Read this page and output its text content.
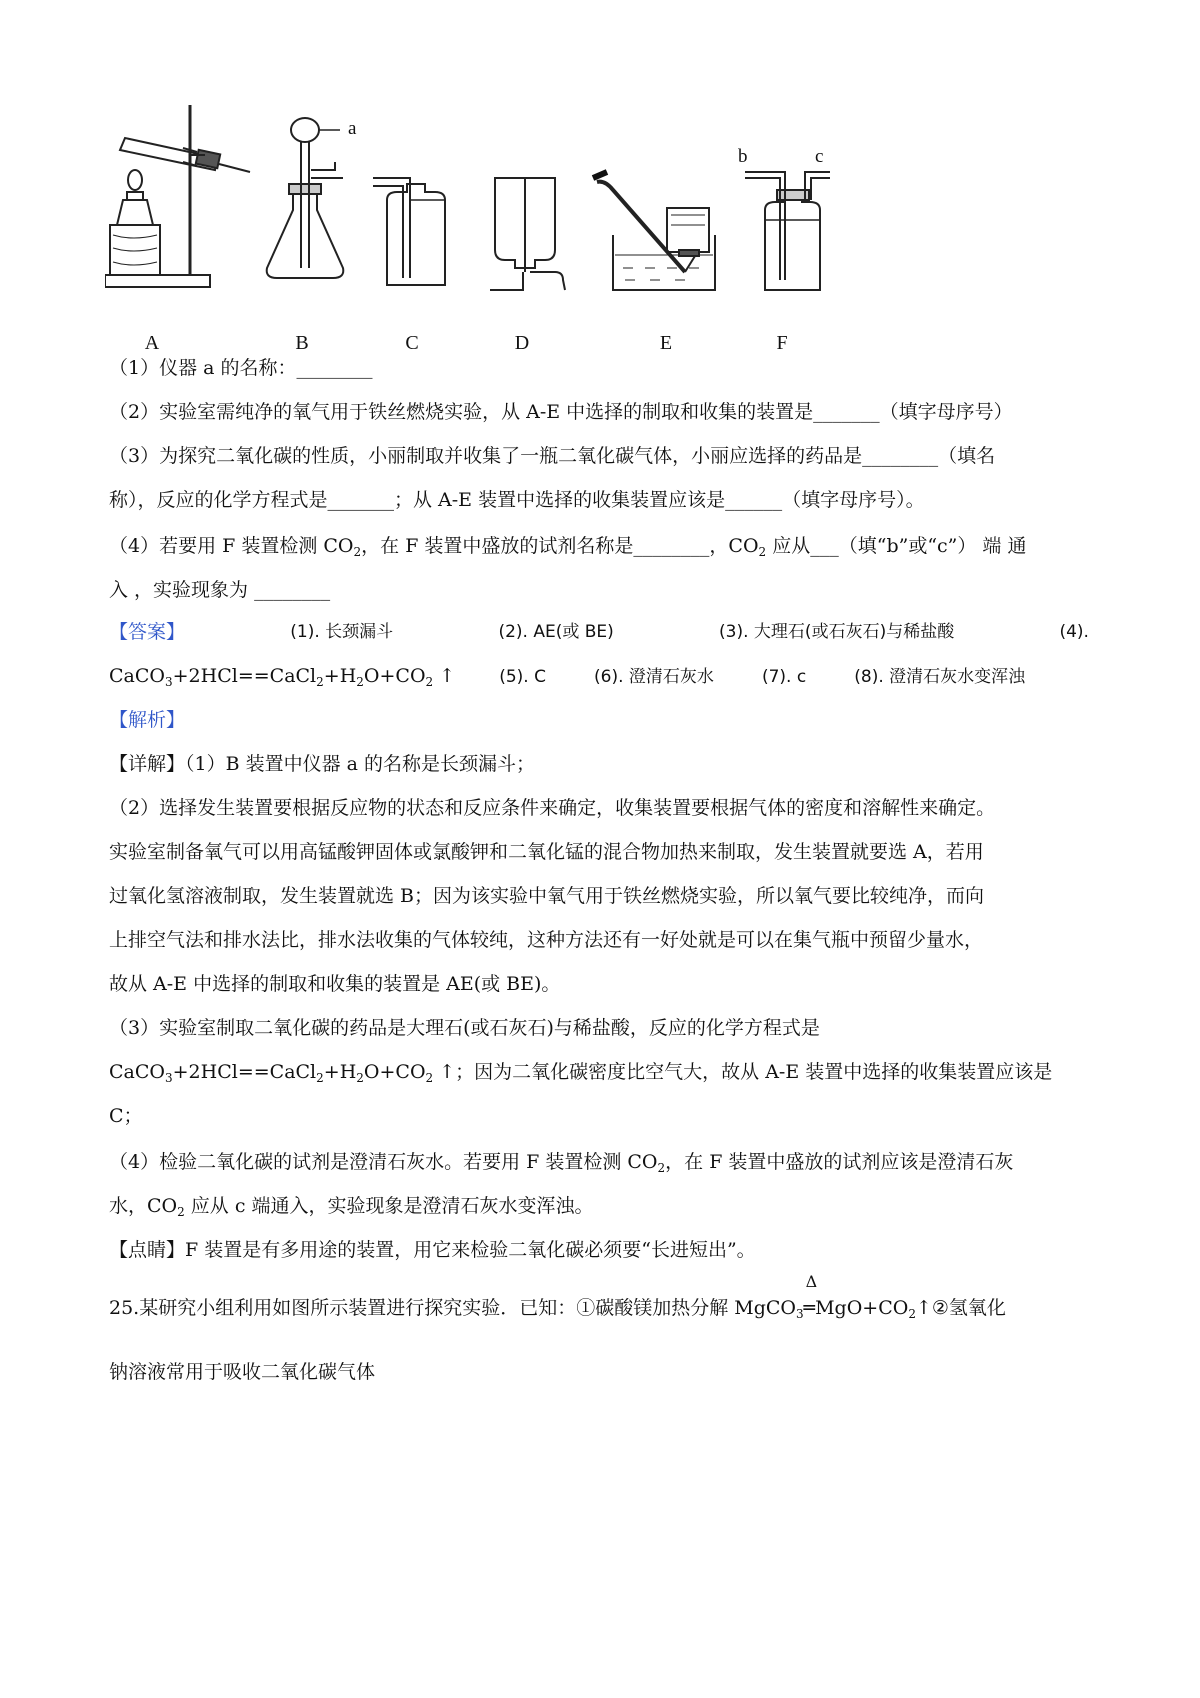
a
b	c
A	B	C	D	E	F
（1）仪器 a 的名称：________
（2）实验室需纯净的氧气用于铁丝燃烧实验，从 A-E 中选择的制取和收集的装置是_______（填字母序号）
（3）为探究二氧化碳的性质，小丽制取并收集了一瓶二氧化碳气体，小丽应选择的药品是________（填名
称），反应的化学方程式是_______；从 A-E 装置中选择的收集装置应该是______（填字母序号）。
（4）若要用 F 装置检测 $CO_2$，在 F 装置中盛放的试剂名称是________，$CO_2$ 应从___（填“b”或“c”） 端 通
入 ，实验现象为 ________
【答案】	(1). 长颈漏斗	(2). AE(或 BE)	(3). 大理石(或石灰石)与稀盐酸	(4).
$CaCO_3+2HCl==CaCl_2+H_2O+CO_2$ ↑	(5). C	(6). 澄清石灰水	(7). c	(8). 澄清石灰水变浑浊
【解析】
【详解】（1）B 装置中仪器 a 的名称是长颈漏斗；
（2）选择发生装置要根据反应物的状态和反应条件来确定，收集装置要根据气体的密度和溶解性来确定。
实验室制备氧气可以用高锰酸钾固体或氯酸钾和二氧化锰的混合物加热来制取，发生装置就要选 A，若用
过氧化氢溶液制取，发生装置就选 B；因为该实验中氧气用于铁丝燃烧实验，所以氧气要比较纯净，而向
上排空气法和排水法比，排水法收集的气体较纯，这种方法还有一好处就是可以在集气瓶中预留少量水，
故从 A-E 中选择的制取和收集的装置是 AE(或 BE)。
（3）实验室制取二氧化碳的药品是大理石(或石灰石)与稀盐酸，反应的化学方程式是
$CaCO_3+2HCl==CaCl_2+H_2O+CO_2$ ↑；因为二氧化碳密度比空气大，故从 A-E 装置中选择的收集装置应该是
C；
（4）检验二氧化碳的试剂是澄清石灰水。若要用 F 装置检测 $CO_2$，在 F 装置中盛放的试剂应该是澄清石灰
水，$CO_2$ 应从 c 端通入，实验现象是澄清石灰水变浑浊。
【点睛】F 装置是有多用途的装置，用它来检验二氧化碳必须要“长进短出”。
25.某研究小组利用如图所示装置进行探究实验．已知：①碳酸镁加热分解 MgCO$_3$
Δ
$═MgO+CO_2↑②$氢氧化
钠溶液常用于吸收二氧化碳气体
